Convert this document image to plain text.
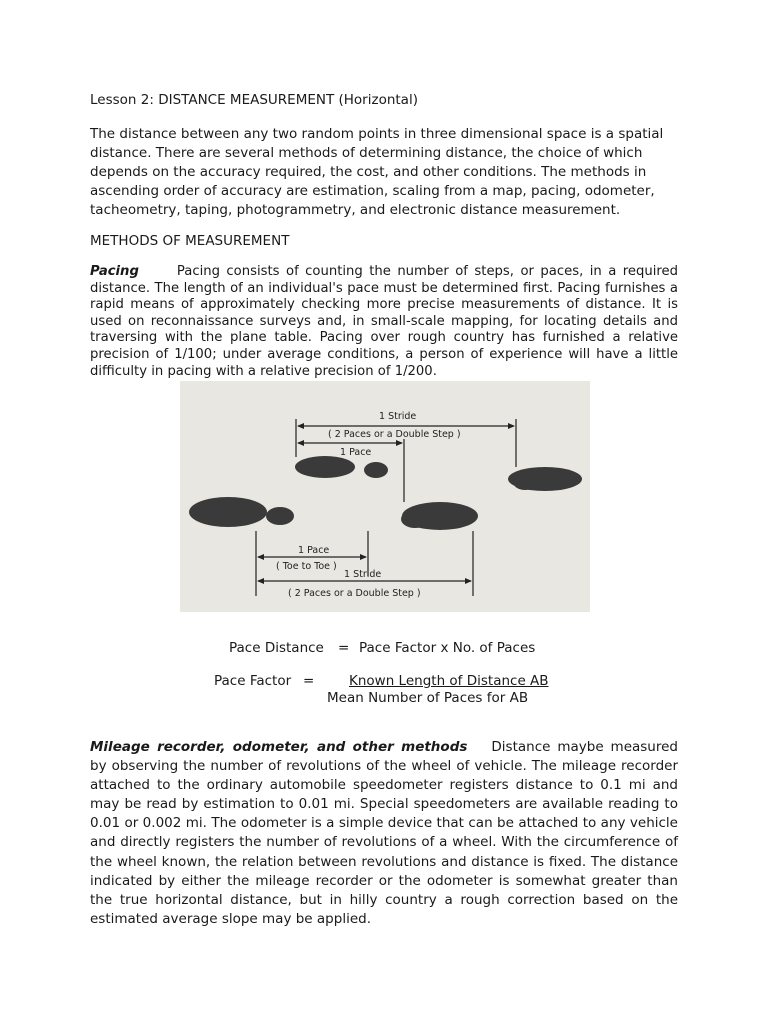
Lesson 2: DISTANCE MEASUREMENT (Horizontal)
The distance between any two random points in three dimensional space is a spatial
distance. There are several methods of determining distance, the choice of which
depends on the accuracy required, the cost, and other conditions. The methods in
ascending order of accuracy are estimation, scaling from a map, pacing, odometer,
tacheometry, taping, photogrammetry, and electronic distance measurement.
METHODS OF MEASUREMENT

Pacing	Pacing consists of counting the number of steps, or paces, in a required distance. The length of an individual's pace must be determined first. Pacing furnishes a rapid means of approximately checking more precise measurements of distance. It is used on reconnaissance surveys and, in small-scale mapping, for locating details and traversing with the plane table. Pacing over rough country has furnished a relative precision of 1/100; under average conditions, a person of experience will have a little difficulty in pacing with a relative precision of 1/200.

1 Stride
( 2 Paces or a Double Step )
1 Pace
1 Pace
( Toe to Toe )
1 Stride
( 2 Paces or a Double Step )
Pace Distance = Pace Factor x No. of Paces
Pace Factor =	Known Length of Distance AB
Mean Number of Paces for AB

Mileage recorder, odometer, and other methods Distance maybe measured by observing the number of revolutions of the wheel of vehicle. The mileage recorder attached to the ordinary automobile speedometer registers distance to 0.1 mi and may be read by estimation to 0.01 mi. Special speedometers are available reading to 0.01 or 0.002 mi. The odometer is a simple device that can be attached to any vehicle and directly registers the number of revolutions of a wheel. With the circumference of the wheel known, the relation between revolutions and distance is fixed. The distance indicated by either the mileage recorder or the odometer is somewhat greater than the true horizontal distance, but in hilly country a rough correction based on the estimated average slope may be applied.
